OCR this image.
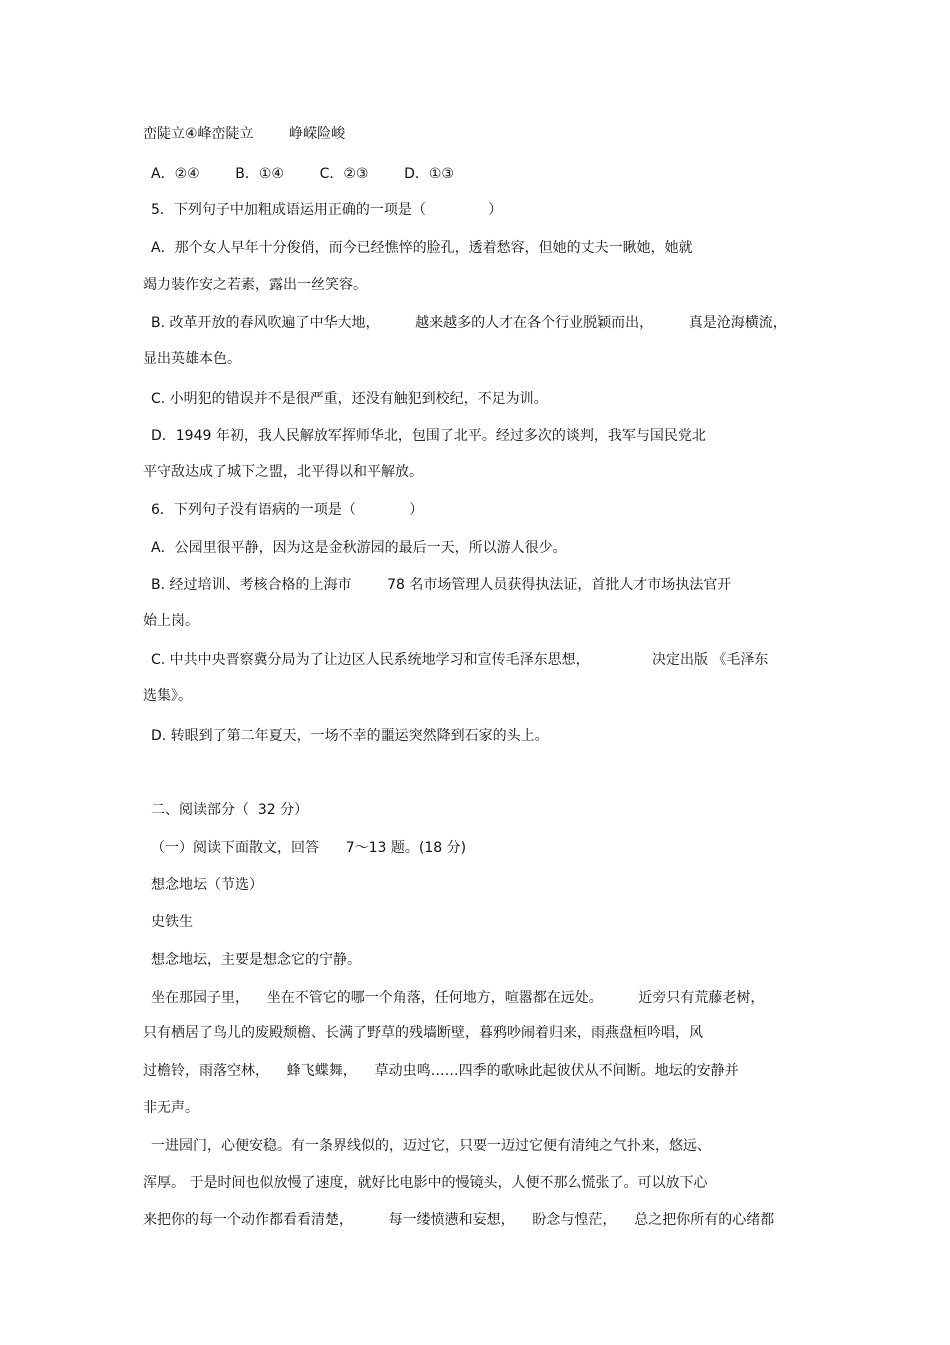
峦陡立④峰峦陡立        峥嵘险峻
A．②④        B．①④        C．②③        D．①③
5．下列句子中加粗成语运用正确的一项是（              ）
A．那个女人早年十分俊俏，而今已经憔悴的脸孔，透着愁容，但她的丈夫一瞅她，她就
竭力装作安之若素，露出一丝笑容。
B. 改革开放的春风吹遍了中华大地，        越来越多的人才在各个行业脱颖而出，        真是沧海横流，
显出英雄本色。
C. 小明犯的错误并不是很严重，还没有触犯到校纪，不足为训。
D．1949 年初，我人民解放军挥师华北，包围了北平。经过多次的谈判，我军与国民党北
平守敌达成了城下之盟，北平得以和平解放。
6．下列句子没有语病的一项是（            ）
A．公园里很平静，因为这是金秋游园的最后一天，所以游人很少。
B. 经过培训、考核合格的上海市        78 名市场管理人员获得执法证，首批人才市场执法官开
始上岗。
C. 中共中央晋察冀分局为了让边区人民系统地学习和宣传毛泽东思想，              决定出版 《毛泽东
选集》。
D. 转眼到了第二年夏天，一场不幸的噩运突然降到石家的头上。
二、阅读部分（  32 分）
（一）阅读下面散文，回答      7～13 题。(18 分)
想念地坛（节选）
史铁生
想念地坛，主要是想念它的宁静。
坐在那园子里，    坐在不管它的哪一个角落，任何地方，喧嚣都在远处。        近旁只有荒藤老树，
只有栖居了鸟儿的废殿颓檐、长满了野草的残墙断壁，暮鸦吵闹着归来，雨燕盘桓吟唱，风
过檐铃，雨落空林，    蜂飞蝶舞，    草动虫鸣……四季的歌咏此起彼伏从不间断。地坛的安静并
非无声。
一进园门，心便安稳。有一条界线似的，迈过它，只要一迈过它便有清纯之气扑来，悠远、
浑厚。 于是时间也似放慢了速度，就好比电影中的慢镜头，人便不那么慌张了。可以放下心
来把你的每一个动作都看看清楚，        每一缕愤懑和妄想，    盼念与惶茫，    总之把你所有的心绪都
